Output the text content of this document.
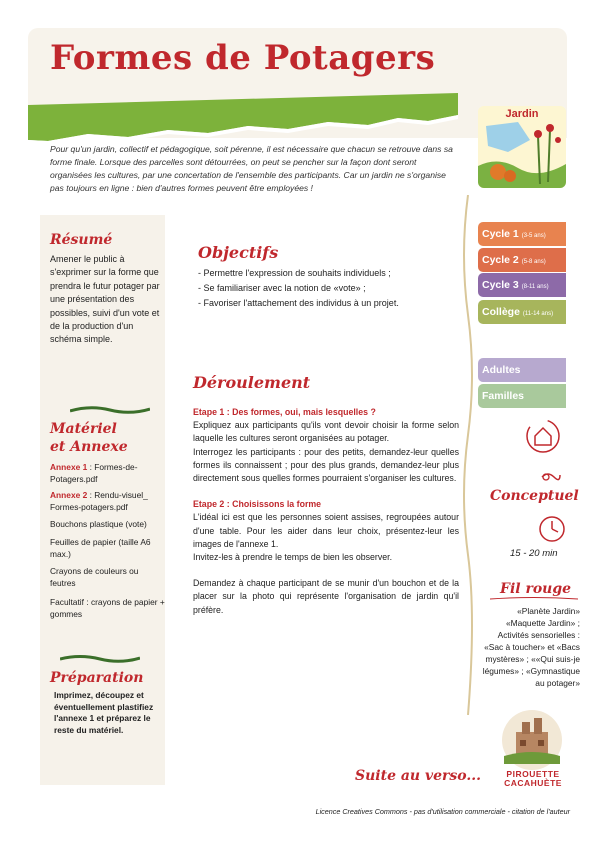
Formes de Potagers
Jardin
Pour qu'un jardin, collectif et pédagogique, soit pérenne, il est nécessaire que chacun se retrouve dans sa forme finale. Lorsque des parcelles sont détourrées, on peut se pencher sur la façon dont seront organisées les cultures, par une concertation de l'ensemble des participants. Car un jardin ne s'organise pas toujours en ligne : bien d'autres formes peuvent être employées !
Résumé
Amener le public à s'exprimer sur la forme que prendra le futur potager par une présentation des possibles, suivi d'un vote et de la production d'un schéma simple.
Matériel
et Annexe
Annexe 1 : Formes-de-Potagers.pdf
Annexe 2 : Rendu-visuel_ Formes-potagers.pdf
Bouchons plastique (vote)
Feuilles de papier (taille A6 max.)
Crayons de couleurs ou feutres
Facultatif : crayons de papier + gommes
Préparation
Imprimez, découpez et éventuellement plastifiez l'annexe 1 et préparez le reste du matériel.
Objectifs
- Permettre l'expression de souhaits individuels ;
- Se familiariser avec la notion de «vote» ;
- Favoriser l'attachement des individus à un projet.
Déroulement
Etape 1 : Des formes, oui, mais lesquelles ?
Expliquez aux participants qu'ils vont devoir choisir la forme selon laquelle les cultures seront organisées au potager.
Interrogez les participants : pour des petits, demandez-leur quelles formes ils connaissent ; pour des plus grands, demandez-leur plus directement sous quelles formes pourraient s'organiser les cultures.
Etape 2 : Choisissons la forme
L'idéal ici est que les personnes soient assises, regroupées autour d'une table. Pour les aider dans leur choix, présentez-leur les images de l'annexe 1.
Invitez-les à prendre le temps de bien les observer.
Demandez à chaque participant de se munir d'un bouchon et de la placer sur la photo qui représente l'organisation de jardin qu'il préfère.
Suite au verso...
Cycle 1 (3-5 ans)
Cycle 2 (5-8 ans)
Cycle 3 (8-11 ans)
Collège (11-14 ans)
Adultes
Familles
Conceptuel
15 - 20 min
Fil rouge
«Planète Jardin» «Maquette Jardin» ; Activités sensorielles : «Sac à toucher» et «Bacs mystères» ; ««Qui suis-je légumes» ; «Gymnastique au potager»
PIROUETTE
CACAHUÈTE
Licence Creatives Commons - pas d'utilisation commerciale - citation de l'auteur
